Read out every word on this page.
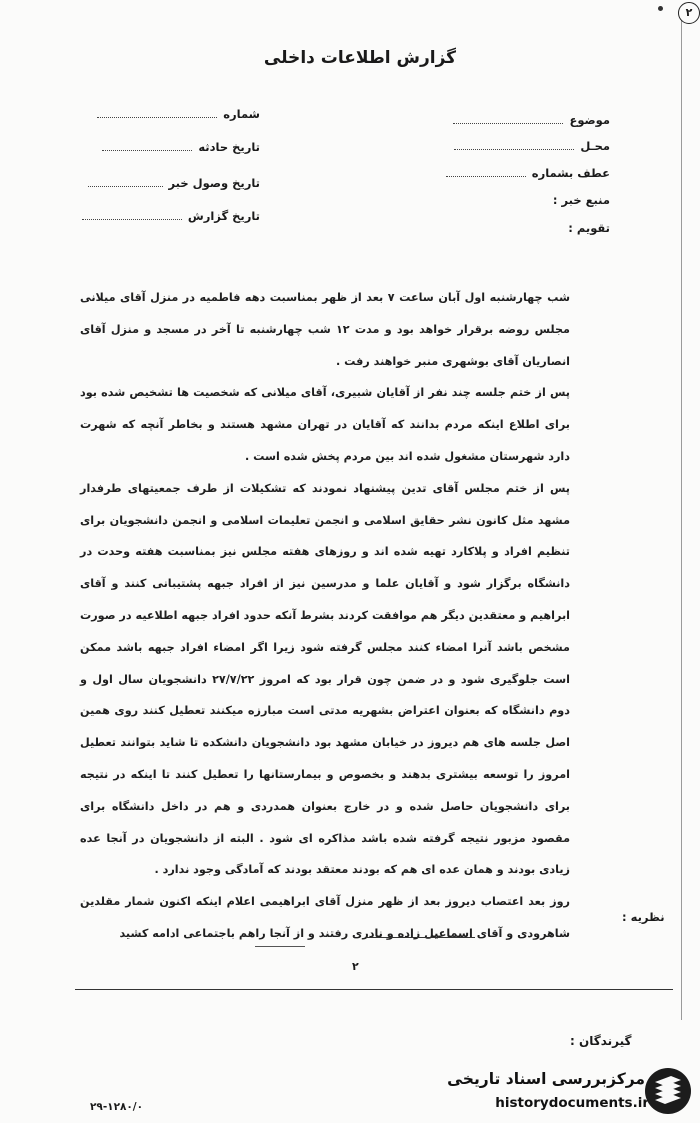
۲
گزارش اطلاعات داخلی
موضوع
محـل
عطف بشماره
منبع خبر :
تقویم :
شماره
تاریخ حادثه
تاریخ وصول خبر
تاریخ گزارش
شب چهارشنبه اول آبان ساعت ۷ بعد از ظهر بمناسبت دهه فاطمیه در منزل آقای میلانی مجلس روضه برقرار خواهد بود و مدت ۱۲ شب چهارشنبه تا آخر در مسجد و منزل آقای انصاریان آقای بوشهری منبر خواهند رفت .
پس از ختم جلسه چند نفر از آقایان شبیری، آقای میلانی که شخصیت ها تشخیص شده بود برای اطلاع اینکه مردم بدانند که آقایان در تهران مشهد هستند و بخاطر آنچه که شهرت دارد شهرستان مشغول شده اند بین مردم پخش شده است .
پس از ختم مجلس آقای تدین پیشنهاد نمودند که تشکیلات از طرف جمعیتهای طرفدار مشهد مثل کانون نشر حقایق اسلامی و انجمن تعلیمات اسلامی و انجمن دانشجویان برای تنظیم افراد و پلاکارد تهیه شده اند و روزهای هفته مجلس نیز بمناسبت هفته وحدت در دانشگاه برگزار شود و آقایان علما و مدرسین نیز از افراد جبهه پشتیبانی کنند و آقای ابراهیم و معتقدین دیگر هم موافقت کردند بشرط آنکه حدود افراد جبهه اطلاعیه در صورت مشخص باشد آنرا امضاء کنند مجلس گرفته شود زیرا اگر امضاء افراد جبهه باشد ممکن است جلوگیری شود و در ضمن چون قرار بود که امروز ۲۷/۷/۲۲ دانشجویان سال اول و دوم دانشگاه که بعنوان اعتراض بشهریه مدتی است مبارزه میکنند تعطیل کنند روی همین اصل جلسه های هم دیروز در خیابان مشهد بود دانشجویان دانشکده تا شاید بتوانند تعطیل امروز را توسعه بیشتری بدهند و بخصوص و بیمارستانها را تعطیل کنند تا اینکه در نتیجه برای دانشجویان حاصل شده و در خارج بعنوان همدردی و هم در داخل دانشگاه برای مقصود مزبور نتیجه گرفته شده باشد مذاکره ای شود . البته از دانشجویان در آنجا عده زیادی بودند و همان عده ای هم که بودند معتقد بودند که آمادگی وجود ندارد .
روز بعد اعتصاب دیروز بعد از ظهر منزل آقای ابراهیمی اعلام اینکه اکنون شمار مقلدین شاهرودی و آقای اسماعیل زاده و نادری رفتند و از آنجا راهم باجتماعی ادامه کشید
نظریه :
۲
گیرندگان :
۲۹-۱۲۸۰/۰
مرکزبررسی اسناد تاریخی
historydocuments.ir
